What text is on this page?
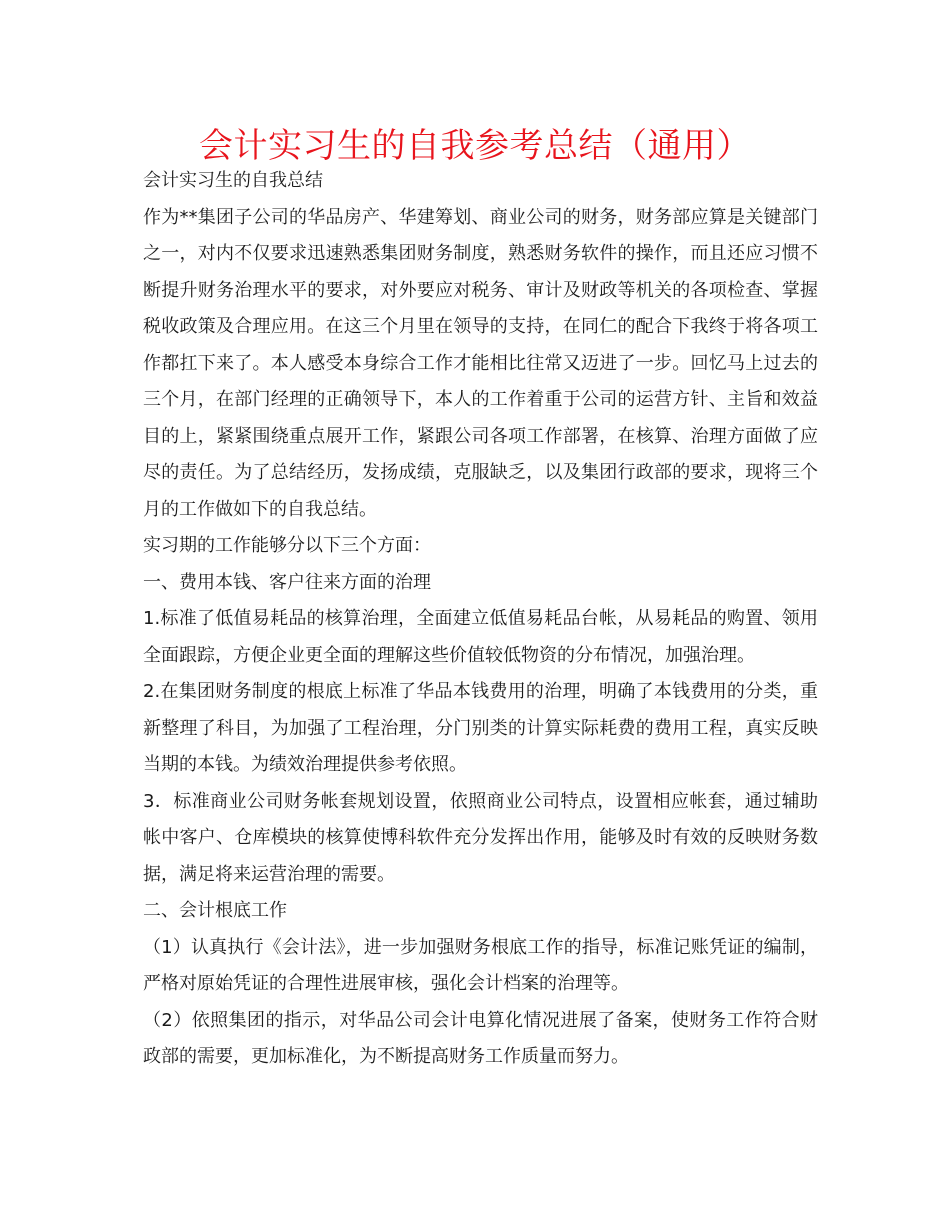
会计实习生的自我参考总结（通用）

会计实习生的自我总结

作为**集团子公司的华品房产、华建筹划、商业公司的财务，财务部应算是关键部门之一，对内不仅要求迅速熟悉集团财务制度，熟悉财务软件的操作，而且还应习惯不断提升财务治理水平的要求，对外要应对税务、审计及财政等机关的各项检查、掌握税收政策及合理应用。在这三个月里在领导的支持，在同仁的配合下我终于将各项工作都扛下来了。本人感受本身综合工作才能相比往常又迈进了一步。回忆马上过去的三个月，在部门经理的正确领导下，本人的工作着重于公司的运营方针、主旨和效益目的上，紧紧围绕重点展开工作，紧跟公司各项工作部署，在核算、治理方面做了应尽的责任。为了总结经历，发扬成绩，克服缺乏，以及集团行政部的要求，现将三个月的工作做如下的自我总结。

实习期的工作能够分以下三个方面：

一、费用本钱、客户往来方面的治理

1.标准了低值易耗品的核算治理，全面建立低值易耗品台帐，从易耗品的购置、领用全面跟踪，方便企业更全面的理解这些价值较低物资的分布情况，加强治理。

2.在集团财务制度的根底上标准了华品本钱费用的治理，明确了本钱费用的分类，重新整理了科目，为加强了工程治理，分门别类的计算实际耗费的费用工程，真实反映当期的本钱。为绩效治理提供参考依照。

3．标准商业公司财务帐套规划设置，依照商业公司特点，设置相应帐套，通过辅助帐中客户、仓库模块的核算使博科软件充分发挥出作用，能够及时有效的反映财务数据，满足将来运营治理的需要。

二、会计根底工作

（1）认真执行《会计法》，进一步加强财务根底工作的指导，标准记账凭证的编制，严格对原始凭证的合理性进展审核，强化会计档案的治理等。

（2）依照集团的指示，对华品公司会计电算化情况进展了备案，使财务工作符合财政部的需要，更加标准化，为不断提高财务工作质量而努力。
